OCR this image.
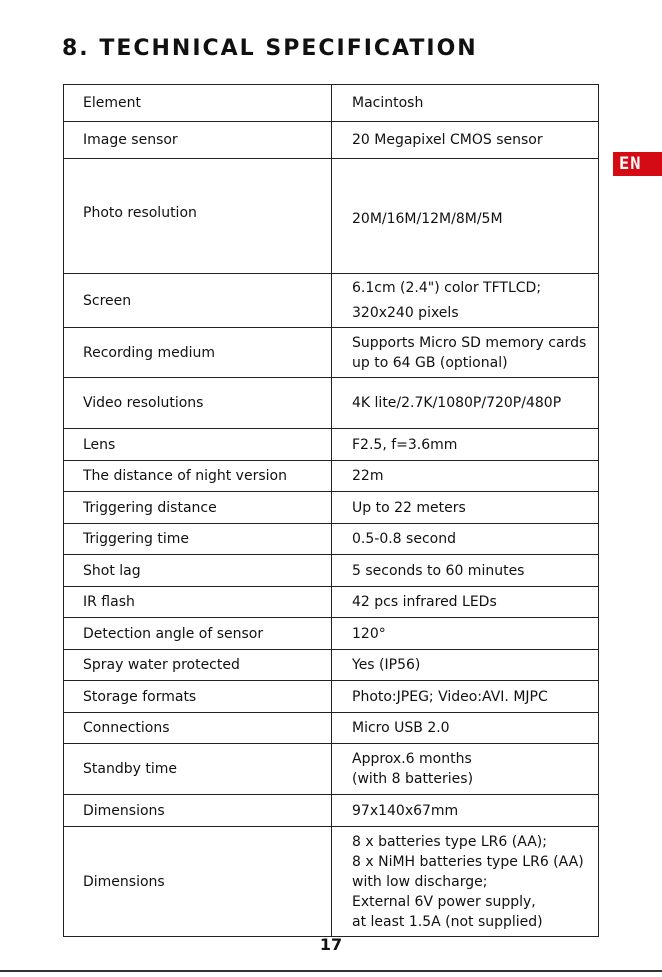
8. TECHNICAL SPECIFICATION
EN
Element	Macintosh
Image sensor	20 Megapixel CMOS sensor
Photo resolution	20M/16M/12M/8M/5M
Screen	6.1cm (2.4") color TFTLCD;
320x240 pixels
Recording medium	Supports Micro SD memory cards
up to 64 GB (optional)
Video resolutions	4K lite/2.7K/1080P/720P/480P
Lens	F2.5, f=3.6mm
The distance of night version	22m
Triggering distance	Up to 22 meters
Triggering time	0.5-0.8 second
Shot lag	5 seconds to 60 minutes
IR flash	42 pcs infrared LEDs
Detection angle of sensor	120°
Spray water protected	Yes (IP56)
Storage formats	Photo:JPEG; Video:AVI. MJPC
Connections	Micro USB 2.0
Standby time	Approx.6 months
(with 8 batteries)
Dimensions	97x140x67mm
Dimensions	8 x batteries type LR6 (AA);
8 x NiMH batteries type LR6 (AA)
with low discharge;
External 6V power supply,
at least 1.5A (not supplied)
17
